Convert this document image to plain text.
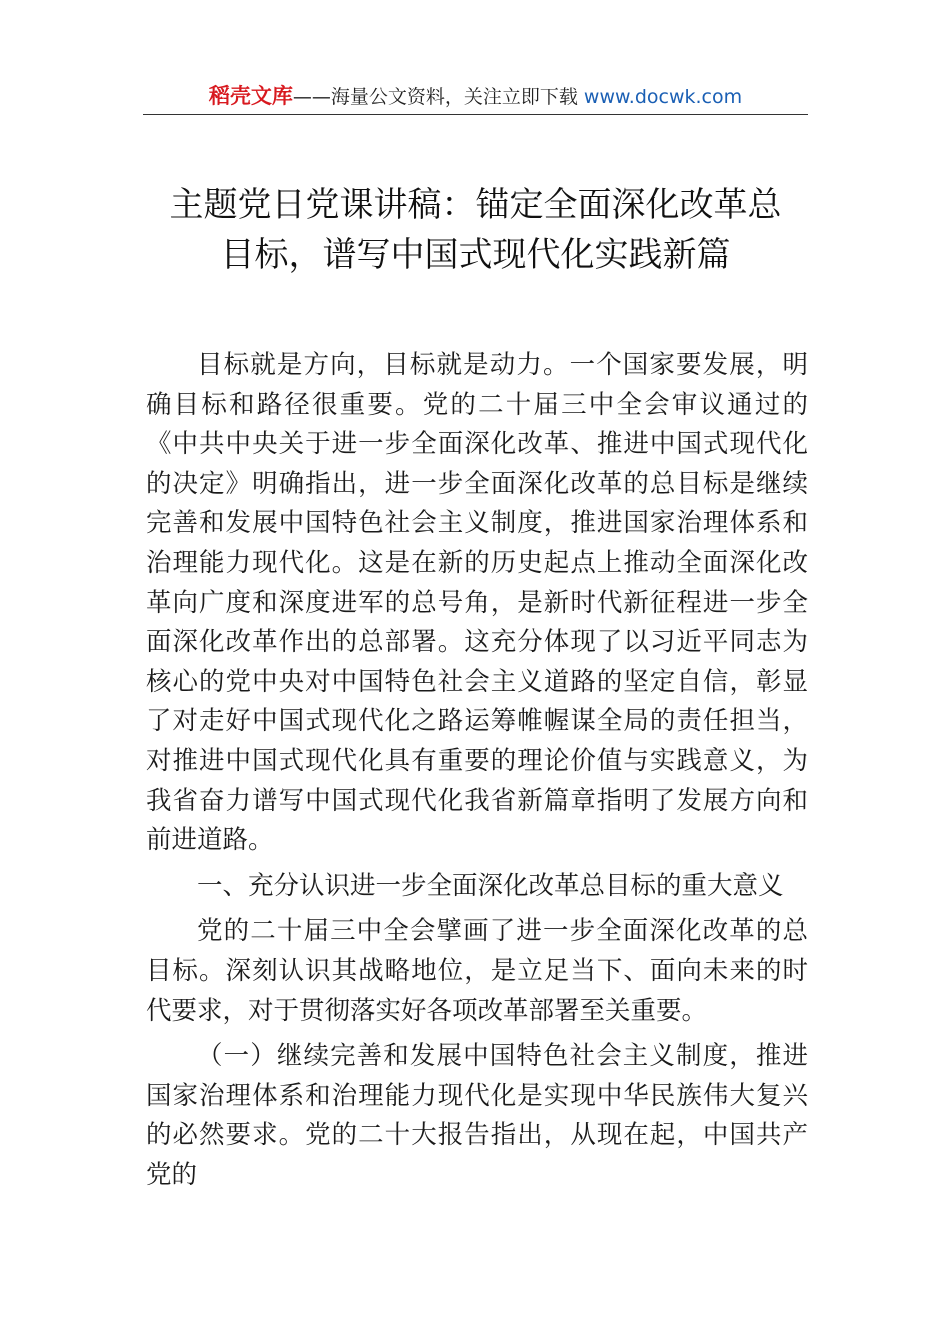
稻壳文库——海量公文资料，关注立即下载 www.docwk.com
主题党日党课讲稿：锚定全面深化改革总
目标，谱写中国式现代化实践新篇

目标就是方向，目标就是动力。一个国家要发展，明确目标和路径很重要。党的二十届三中全会审议通过的《中共中央关于进一步全面深化改革、推进中国式现代化的决定》明确指出，进一步全面深化改革的总目标是继续完善和发展中国特色社会主义制度，推进国家治理体系和治理能力现代化。这是在新的历史起点上推动全面深化改革向广度和深度进军的总号角，是新时代新征程进一步全面深化改革作出的总部署。这充分体现了以习近平同志为核心的党中央对中国特色社会主义道路的坚定自信，彰显了对走好中国式现代化之路运筹帷幄谋全局的责任担当，对推进中国式现代化具有重要的理论价值与实践意义，为我省奋力谱写中国式现代化我省新篇章指明了发展方向和前进道路。

一、充分认识进一步全面深化改革总目标的重大意义

党的二十届三中全会擘画了进一步全面深化改革的总目标。深刻认识其战略地位，是立足当下、面向未来的时代要求，对于贯彻落实好各项改革部署至关重要。

（一）继续完善和发展中国特色社会主义制度，推进国家治理体系和治理能力现代化是实现中华民族伟大复兴的必然要求。党的二十大报告指出，从现在起，中国共产党的
